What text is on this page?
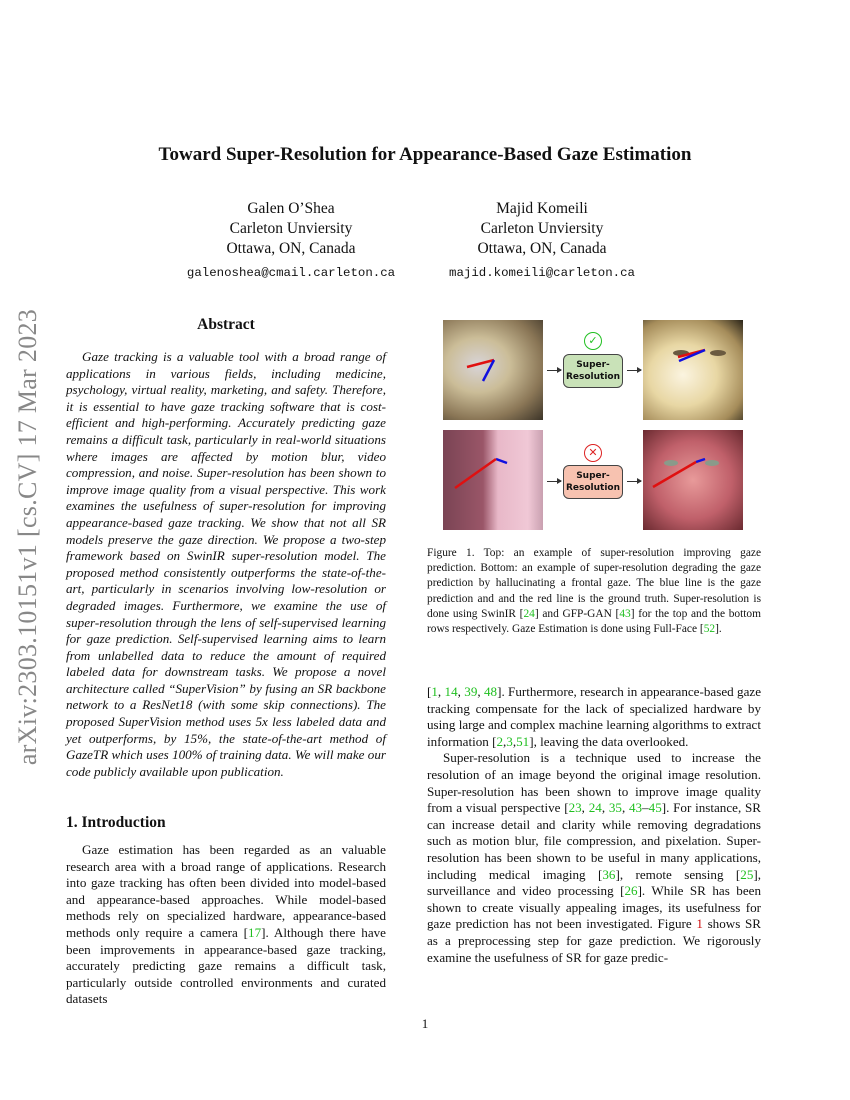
arXiv:2303.10151v1 [cs.CV] 17 Mar 2023
Toward Super-Resolution for Appearance-Based Gaze Estimation
Galen O’Shea
Carleton Unviersity
Ottawa, ON, Canada
galenoshea@cmail.carleton.ca
Majid Komeili
Carleton Unviersity
Ottawa, ON, Canada
majid.komeili@carleton.ca
Abstract

Gaze tracking is a valuable tool with a broad range of applications in various fields, including medicine, psychology, virtual reality, marketing, and safety. Therefore, it is essential to have gaze tracking software that is cost-efficient and high-performing. Accurately predicting gaze remains a difficult task, particularly in real-world situations where images are affected by motion blur, video compression, and noise. Super-resolution has been shown to improve image quality from a visual perspective. This work examines the usefulness of super-resolution for improving appearance-based gaze tracking. We show that not all SR models preserve the gaze direction. We propose a two-step framework based on SwinIR super-resolution model. The proposed method consistently outperforms the state-of-the-art, particularly in scenarios involving low-resolution or degraded images. Furthermore, we examine the use of super-resolution through the lens of self-supervised learning for gaze prediction. Self-supervised learning aims to learn from unlabelled data to reduce the amount of required labeled data for downstream tasks. We propose a novel architecture called “SuperVision” by fusing an SR backbone network to a ResNet18 (with some skip connections). The proposed SuperVision method uses 5x less labeled data and yet outperforms, by 15%, the state-of-the-art method of GazeTR which uses 100% of training data. We will make our code publicly available upon publication.

1. Introduction

Gaze estimation has been regarded as an valuable research area with a broad range of applications. Research into gaze tracking has often been divided into model-based and appearance-based approaches. While model-based methods rely on specialized hardware, appearance-based methods only require a camera [17]. Although there have been improvements in appearance-based gaze tracking, accurately predicting gaze remains a difficult task, particularly outside controlled environments and curated datasets

✓
✕
Super-
Resolution
Super-
Resolution
Figure 1. Top: an example of super-resolution improving gaze prediction. Bottom: an example of super-resolution degrading the gaze prediction by hallucinating a frontal gaze. The blue line is the gaze prediction and and the red line is the ground truth. Super-resolution is done using SwinIR [24] and GFP-GAN [43] for the top and the bottom rows respectively. Gaze Estimation is done using Full-Face [52].

[1, 14, 39, 48]. Furthermore, research in appearance-based gaze tracking compensate for the lack of specialized hardware by using large and complex machine learning algorithms to extract information [2,3,51], leaving the data overlooked.

Super-resolution is a technique used to increase the resolution of an image beyond the original image resolution. Super-resolution has been shown to improve image quality from a visual perspective [23, 24, 35, 43–45]. For instance, SR can increase detail and clarity while removing degradations such as motion blur, file compression, and pixelation. Super-resolution has been shown to be useful in many applications, including medical imaging [36], remote sensing [25], surveillance and video processing [26]. While SR has been shown to create visually appealing images, its usefulness for gaze prediction has not been investigated. Figure 1 shows SR as a preprocessing step for gaze prediction. We rigorously examine the usefulness of SR for gaze predic-

1
